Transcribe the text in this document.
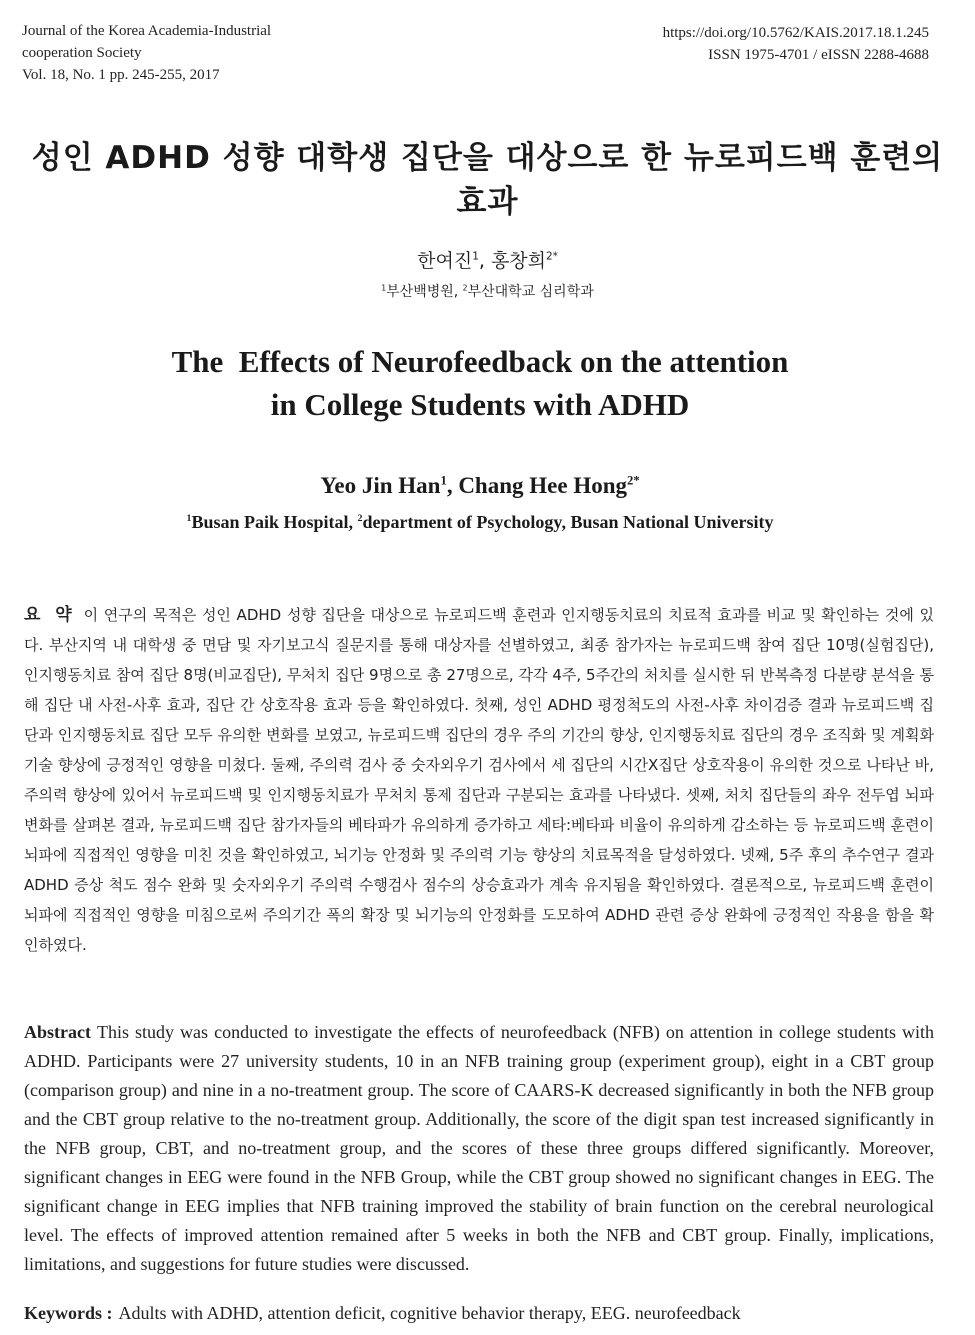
Journal of the Korea Academia-Industrial
cooperation Society
Vol. 18, No. 1 pp. 245-255, 2017
https://doi.org/10.5762/KAIS.2017.18.1.245
ISSN 1975-4701 / eISSN 2288-4688
성인 ADHD 성향 대학생 집단을 대상으로 한 뉴로피드백 훈련의
효과
한여진$^1$, 홍창희$^{2*}$
$^1$부산백병원, $^2$부산대학교 심리학과
The  Effects of Neurofeedback on the attention
in College Students with ADHD
Yeo Jin Han$^1$, Chang Hee Hong$^{2*}$
$^1$Busan Paik Hospital, $^2$department of Psychology, Busan National University
요 약 이 연구의 목적은 성인 ADHD 성향 집단을 대상으로 뉴로피드백 훈련과 인지행동치료의 치료적 효과를 비교 및 확인하는 것에 있다. 부산지역 내 대학생 중 면담 및 자기보고식 질문지를 통해 대상자를 선별하였고, 최종 참가자는 뉴로피드백 참여 집단 10명(실험집단), 인지행동치료 참여 집단 8명(비교집단), 무처치 집단 9명으로 총 27명으로, 각각 4주, 5주간의 처치를 실시한 뒤 반복측정 다분량 분석을 통해 집단 내 사전-사후 효과, 집단 간 상호작용 효과 등을 확인하였다. 첫째, 성인 ADHD 평정척도의 사전-사후 차이검증 결과 뉴로피드백 집단과 인지행동치료 집단 모두 유의한 변화를 보였고, 뉴로피드백 집단의 경우 주의 기간의 향상, 인지행동치료 집단의 경우 조직화 및 계획화 기술 향상에 긍정적인 영향을 미쳤다. 둘째, 주의력 검사 중 숫자외우기 검사에서 세 집단의 시간X집단 상호작용이 유의한 것으로 나타난 바, 주의력 향상에 있어서 뉴로피드백 및 인지행동치료가 무처치 통제 집단과 구분되는 효과를 나타냈다. 셋째, 처치 집단들의 좌우 전두엽 뇌파변화를 살펴본 결과, 뉴로피드백 집단 참가자들의 베타파가 유의하게 증가하고 세타:베타파 비율이 유의하게 감소하는 등 뉴로피드백 훈련이 뇌파에 직접적인 영향을 미친 것을 확인하였고, 뇌기능 안정화 및 주의력 기능 향상의 치료목적을 달성하였다. 넷째, 5주 후의 추수연구 결과 ADHD 증상 척도 점수 완화 및 숫자외우기 주의력 수행검사 점수의 상승효과가 계속 유지됨을 확인하였다. 결론적으로, 뉴로피드백 훈련이 뇌파에 직접적인 영향을 미침으로써 주의기간 폭의 확장 및 뇌기능의 안정화를 도모하여 ADHD 관련 증상 완화에 긍정적인 작용을 함을 확인하였다.
Abstract This study was conducted to investigate the effects of neurofeedback (NFB) on attention in college students with ADHD. Participants were 27 university students, 10 in an NFB training group (experiment group), eight in a CBT group (comparison group) and nine in a no-treatment group. The score of CAARS-K decreased significantly in both the NFB group and the CBT group relative to the no-treatment group. Additionally, the score of the digit span test increased significantly in the NFB group, CBT, and no-treatment group, and the scores of these three groups differed significantly. Moreover, significant changes in EEG were found in the NFB Group, while the CBT group showed no significant changes in EEG. The significant change in EEG implies that NFB training improved the stability of brain function on the cerebral neurological level. The effects of improved attention remained after 5 weeks in both the NFB and CBT group. Finally, implications, limitations, and suggestions for future studies were discussed.
Keywords : Adults with ADHD, attention deficit, cognitive behavior therapy, EEG. neurofeedback
